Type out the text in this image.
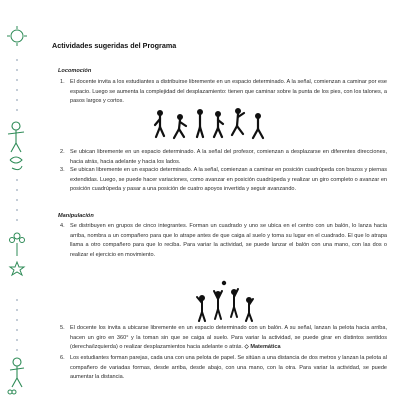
Actividades sugeridas del Programa
Locomoción
1. El docente invita a los estudiantes a distribuirse libremente en un espacio determinado. A la señal, comienzan a caminar por ese espacio. Luego se aumenta la complejidad del desplazamiento: tienen que caminar sobre la punta de los pies, con los talones, a pasos largos y cortos.
2. Se ubican libremente en un espacio determinado. A la señal del profesor, comienzan a desplazarse en diferentes direcciones, hacia atrás, hacia adelante y hacia los lados.
3. Se ubican libremente en un espacio determinado. A la señal, comienzan a caminar en posición cuadrúpeda con brazos y piernas extendidas. Luego, se puede hacer variaciones, como avanzar en posición cuadrúpeda y realizar un giro completo o avanzar en posición cuadrúpeda y pasar a una posición de cuatro apoyos invertida y seguir avanzando.
Manipulación
4. Se distribuyen en grupos de cinco integrantes. Forman un cuadrado y uno se ubica en el centro con un balón, lo lanza hacia arriba, nombra a un compañero para que lo atrape antes de que caiga al suelo y toma su lugar en el cuadrado. El que lo atrapa llama a otro compañero para que lo reciba. Para variar la actividad, se puede lanzar el balón con una mano, con las dos o realizar el ejercicio en movimiento.
5. El docente los invita a ubicarse libremente en un espacio determinado con un balón. A su señal, lanzan la pelota hacia arriba, hacen un giro en 360° y la toman sin que se caiga al suelo. Para variar la actividad, se puede girar en distintos sentidos (derecha/izquierda) o realizar desplazamientos hacia adelante o atrás. ◇ Matemática
6. Los estudiantes forman parejas, cada una con una pelota de papel. Se sitúan a una distancia de dos metros y lanzan la pelota al compañero de variadas formas, desde arriba, desde abajo, con una mano, con la otra. Para variar la actividad, se puede aumentar la distancia.
